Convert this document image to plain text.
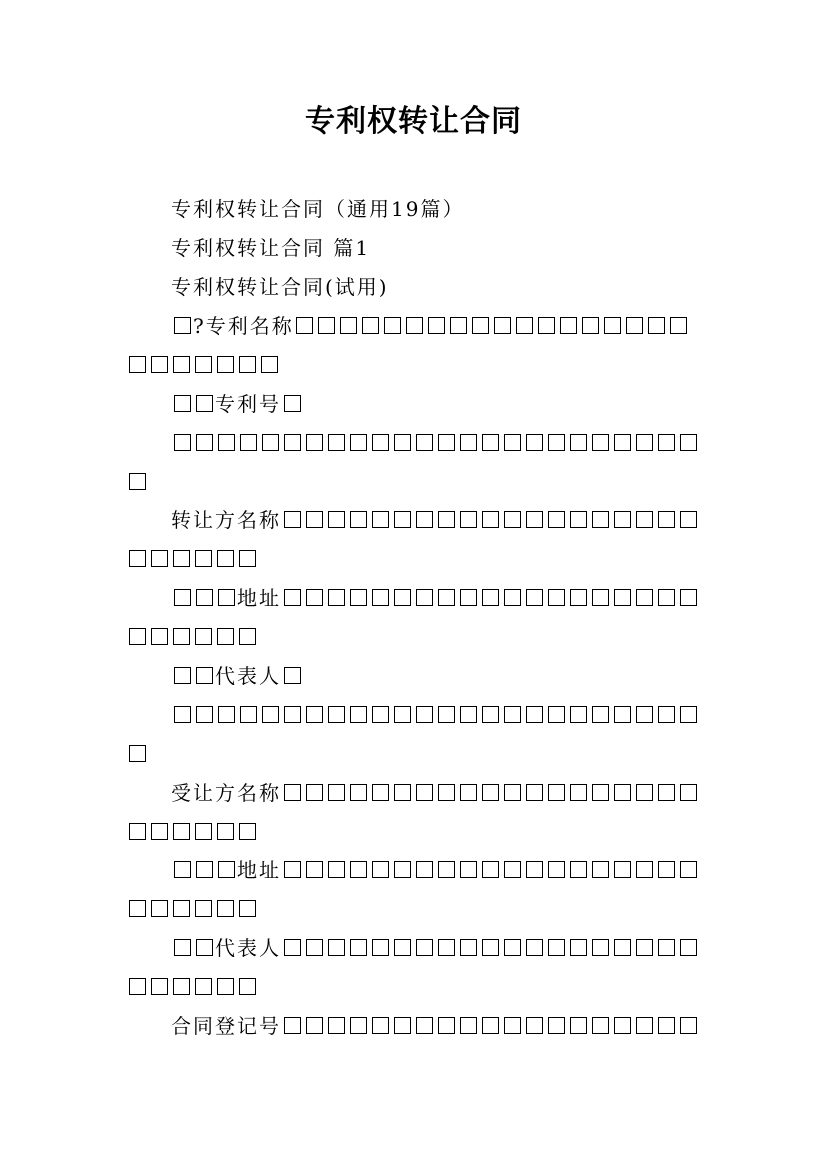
专利权转让合同
专利权转让合同（通用19篇）
专利权转让合同 篇1
专利权转让合同(试用)
?专利名称
专利号
转让方名称
地址
代表人
受让方名称
地址
代表人
合同登记号
